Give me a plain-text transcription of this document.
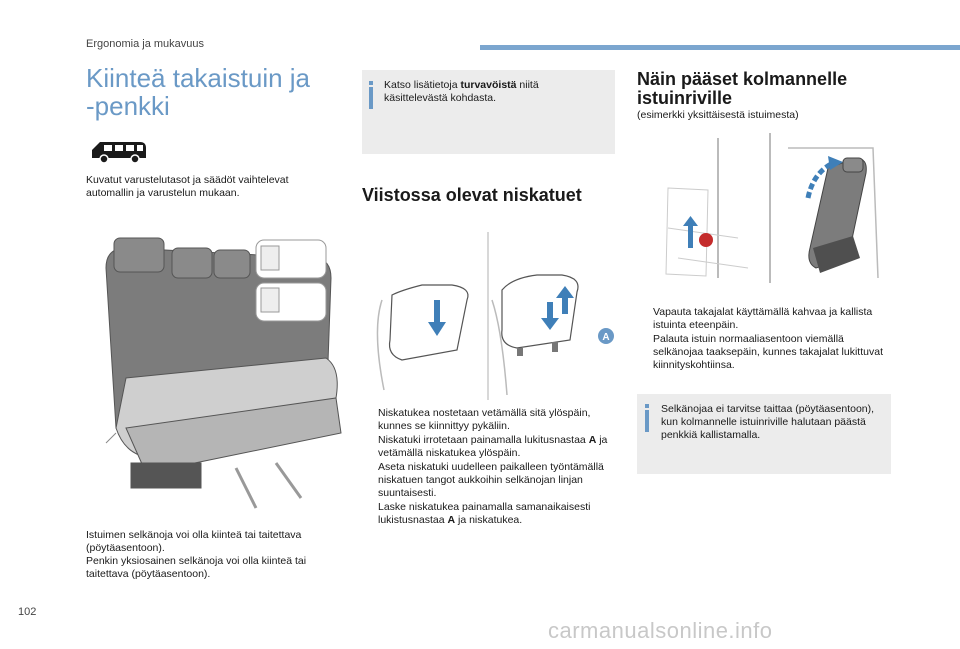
Ergonomia ja mukavuus
Kiinteä takaistuin ja
-penkki
Kuvatut varustelutasot ja säädöt vaihtelevat automallin ja varustelun mukaan.
Istuimen selkänoja voi olla kiinteä tai taitettava
(pöytäasentoon).
Penkin yksiosainen selkänoja voi olla kiinteä tai
taitettava (pöytäasentoon).
Katso lisätietoja turvavöistä niitä käsittelevästä kohdasta.
Viistossa olevat niskatuet
A
Niskatukea nostetaan vetämällä sitä ylöspäin, kunnes se kiinnittyy pykäliin.
Niskatuki irrotetaan painamalla lukitusnastaa A ja vetämällä niskatukea ylöspäin.
Aseta niskatuki uudelleen paikalleen työntämällä niskatuen tangot aukkoihin selkänojan linjan suuntaisesti.
Laske niskatukea painamalla samanaikaisesti lukistusnastaa A ja niskatukea.
Näin pääset kolmannelle
istuinriville
(esimerkki yksittäisestä istuimesta)
Vapauta takajalat käyttämällä kahvaa ja kallista istuinta eteenpäin.
Palauta istuin normaaliasentoon viemällä selkänojaa taaksepäin, kunnes takajalat lukittuvat kiinnityskohtiinsa.
Selkänojaa ei tarvitse taittaa (pöytäasentoon), kun kolmannelle istuinriville halutaan päästä penkkiä kallistamalla.
102
carmanualsonline.info
